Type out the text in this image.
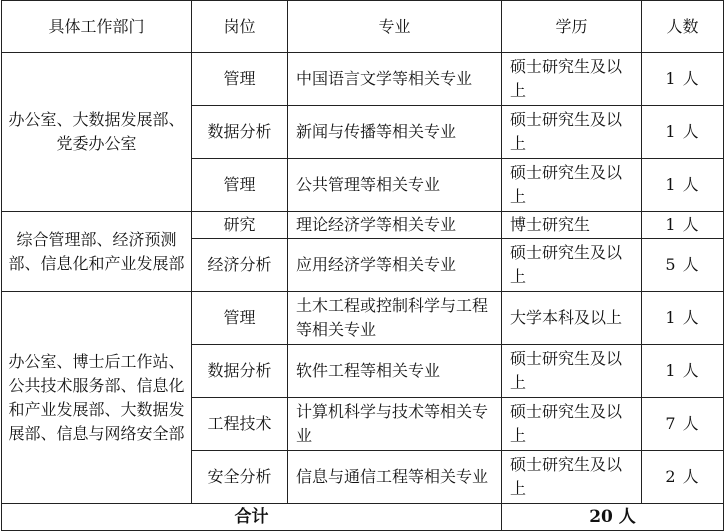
具体工作部门	岗位	专业	学历	人数
办公室、大数据发展部、党委办公室	管理	中国语言文学等相关专业	硕士研究生及以上	1 人
	数据分析	新闻与传播等相关专业	硕士研究生及以上	1 人
	管理	公共管理等相关专业	硕士研究生及以上	1 人
综合管理部、经济预测部、信息化和产业发展部	研究	理论经济学等相关专业	博士研究生	1 人
	经济分析	应用经济学等相关专业	硕士研究生及以上	5 人
办公室、博士后工作站、公共技术服务部、信息化和产业发展部、大数据发展部、信息与网络安全部	管理	土木工程或控制科学与工程等相关专业	大学本科及以上	1 人
	数据分析	软件工程等相关专业	硕士研究生及以上	1 人
	工程技术	计算机科学与技术等相关专业	硕士研究生及以上	7 人
	安全分析	信息与通信工程等相关专业	硕士研究生及以上	2 人
合计			20 人	
